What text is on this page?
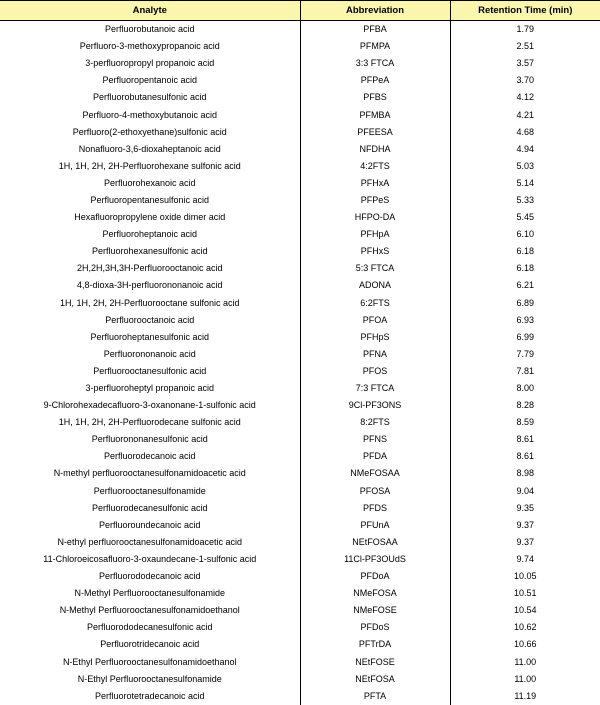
Analyte	Abbreviation	Retention Time (min)
Perfluorobutanoic acid	PFBA	1.79
Perfluoro-3-methoxypropanoic acid	PFMPA	2.51
3-perfluoropropyl propanoic acid	3:3 FTCA	3.57
Perfluoropentanoic acid	PFPeA	3.70
Perfluorobutanesulfonic acid	PFBS	4.12
Perfluoro-4-methoxybutanoic acid	PFMBA	4.21
Perfluoro(2-ethoxyethane)sulfonic acid	PFEESA	4.68
Nonafluoro-3,6-dioxaheptanoic acid	NFDHA	4.94
1H, 1H, 2H, 2H-Perfluorohexane sulfonic acid	4:2FTS	5.03
Perfluorohexanoic acid	PFHxA	5.14
Perfluoropentanesulfonic acid	PFPeS	5.33
Hexafluoropropylene oxide dimer acid	HFPO-DA	5.45
Perfluoroheptanoic acid	PFHpA	6.10
Perfluorohexanesulfonic acid	PFHxS	6.18
2H,2H,3H,3H-Perfluorooctanoic acid	5:3 FTCA	6.18
4,8-dioxa-3H-perfluorononanoic acid	ADONA	6.21
1H, 1H, 2H, 2H-Perfluorooctane sulfonic acid	6:2FTS	6.89
Perfluorooctanoic acid	PFOA	6.93
Perfluoroheptanesulfonic acid	PFHpS	6.99
Perfluorononanoic acid	PFNA	7.79
Perfluorooctanesulfonic acid	PFOS	7.81
3-perfluoroheptyl propanoic acid	7:3 FTCA	8.00
9-Chlorohexadecafluoro-3-oxanonane-1-sulfonic acid	9Cl-PF3ONS	8.28
1H, 1H, 2H, 2H-Perfluorodecane sulfonic acid	8:2FTS	8.59
Perfluorononanesulfonic acid	PFNS	8.61
Perfluorodecanoic acid	PFDA	8.61
N-methyl perfluorooctanesulfonamidoacetic acid	NMeFOSAA	8.98
Perfluorooctanesulfonamide	PFOSA	9.04
Perfluorodecanesulfonic acid	PFDS	9.35
Perfluoroundecanoic acid	PFUnA	9.37
N-ethyl perfluorooctanesulfonamidoacetic acid	NEtFOSAA	9.37
11-Chloroeicosafluoro-3-oxaundecane-1-sulfonic acid	11Cl-PF3OUdS	9.74
Perfluorododecanoic acid	PFDoA	10.05
N-Methyl Perfluorooctanesulfonamide	NMeFOSA	10.51
N-Methyl Perfluorooctanesulfonamidoethanol	NMeFOSE	10.54
Perfluorododecanesulfonic acid	PFDoS	10.62
Perfluorotridecanoic acid	PFTrDA	10.66
N-Ethyl Perfluorooctanesulfonamidoethanol	NEtFOSE	11.00
N-Ethyl Perfluorooctanesulfonamide	NEtFOSA	11.00
Perfluorotetradecanoic acid	PFTA	11.19
